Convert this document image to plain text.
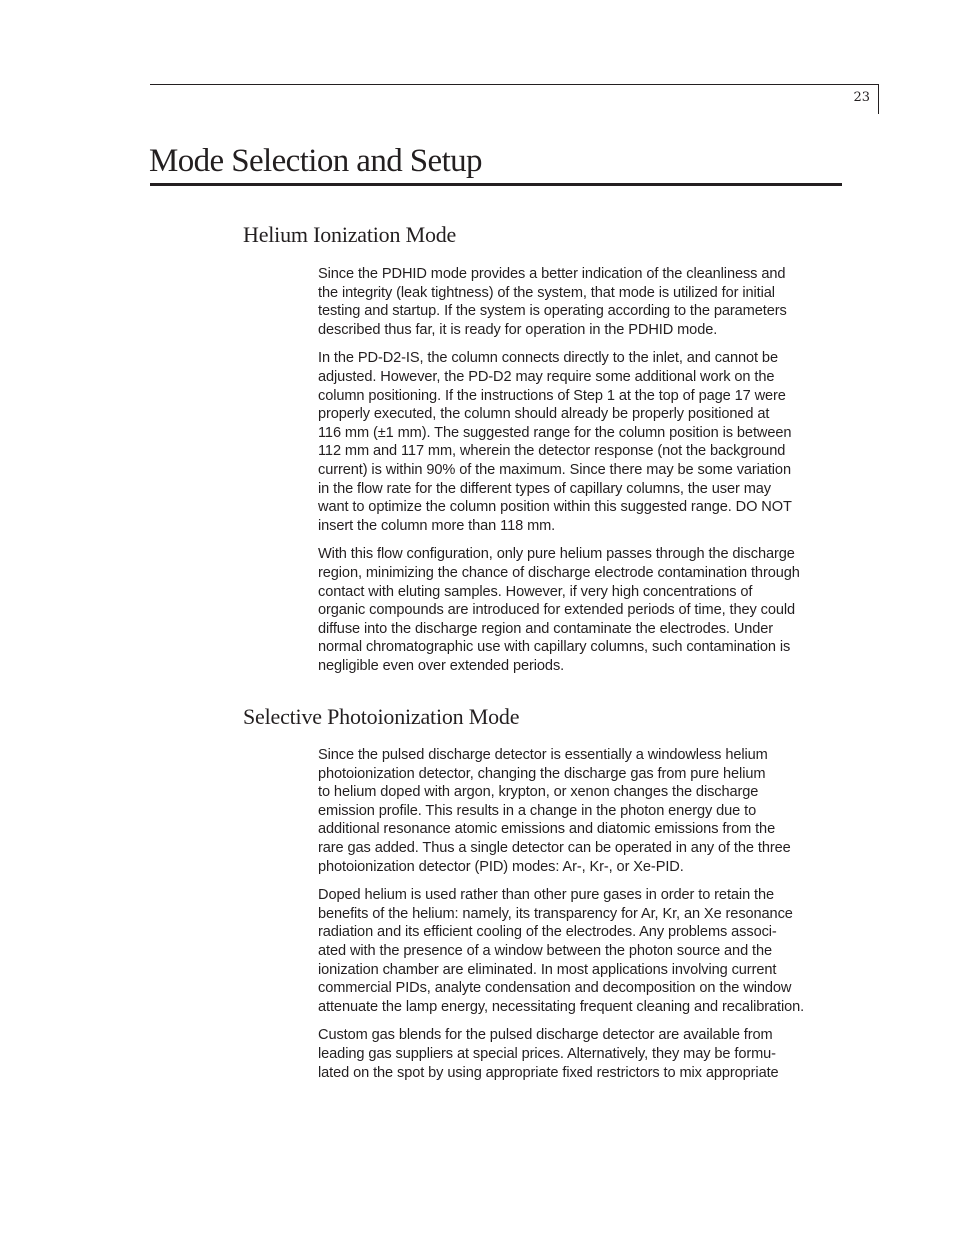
23
Mode Selection and Setup
Helium Ionization Mode

Since the PDHID mode provides a better indication of the cleanliness and
the integrity (leak tightness) of the system, that mode is utilized for initial
testing and startup. If the system is operating according to the parameters
described thus far, it is ready for operation in the PDHID mode.

In the PD-D2-IS, the column connects directly to the inlet, and cannot be
adjusted. However, the PD-D2 may require some additional work on the
column positioning. If the instructions of Step 1 at the top of page 17 were
properly executed, the column should already be properly positioned at
116 mm (±1 mm). The suggested range for the column position is between
112 mm and 117 mm, wherein the detector response (not the background
current) is within 90% of the maximum. Since there may be some variation
in the flow rate for the different types of capillary columns, the user may
want to optimize the column position within this suggested range. DO NOT
insert the column more than 118 mm.

With this flow configuration, only pure helium passes through the discharge
region, minimizing the chance of discharge electrode contamination through
contact with eluting samples. However, if very high concentrations of
organic compounds are introduced for extended periods of time, they could
diffuse into the discharge region and contaminate the electrodes. Under
normal chromatographic use with capillary columns, such contamination is
negligible even over extended periods.

Selective Photoionization Mode

Since the pulsed discharge detector is essentially a windowless helium
photoionization detector, changing the discharge gas from pure helium
to helium doped with argon, krypton, or xenon changes the discharge
emission profile. This results in a change in the photon energy due to
additional resonance atomic emissions and diatomic emissions from the
rare gas added. Thus a single detector can be operated in any of the three
photoionization detector (PID) modes: Ar-, Kr-, or Xe-PID.

Doped helium is used rather than other pure gases in order to retain the
benefits of the helium: namely, its transparency for Ar, Kr, an Xe resonance
radiation and its efficient cooling of the electrodes. Any problems associ-
ated with the presence of a window between the photon source and the
ionization chamber are eliminated. In most applications involving current
commercial PIDs, analyte condensation and decomposition on the window
attenuate the lamp energy, necessitating frequent cleaning and recalibration.

Custom gas blends for the pulsed discharge detector are available from
leading gas suppliers at special prices. Alternatively, they may be formu-
lated on the spot by using appropriate fixed restrictors to mix appropriate
